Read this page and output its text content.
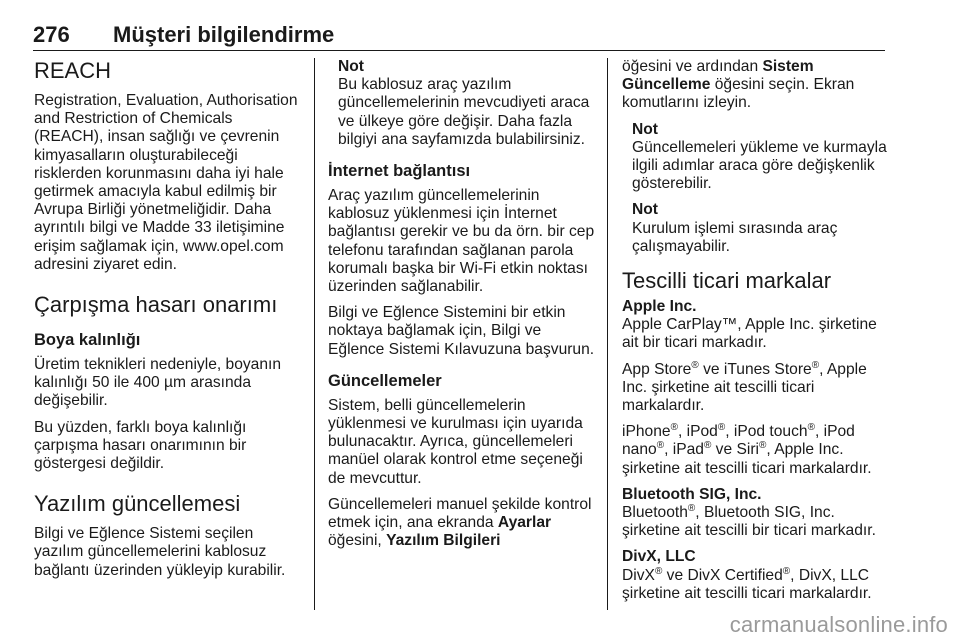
276 Müşteri bilgilendirme
REACH

Registration, Evaluation, Authorisation and Restriction of Chemicals (REACH), insan sağlığı ve çevrenin kimyasalların oluşturabileceği risklerden korunmasını daha iyi hale getirmek amacıyla kabul edilmiş bir Avrupa Birliği yönetmeliğidir. Daha ayrıntılı bilgi ve Madde 33 iletişimine erişim sağlamak için, www.opel.com adresini ziyaret edin.

Çarpışma hasarı onarımı
Boya kalınlığı

Üretim teknikleri nedeniyle, boyanın kalınlığı 50 ile 400 µm arasında değişebilir.

Bu yüzden, farklı boya kalınlığı çarpışma hasarı onarımının bir göstergesi değildir.

Yazılım güncellemesi

Bilgi ve Eğlence Sistemi seçilen yazılım güncellemelerini kablosuz bağlantı üzerinden yükleyip kurabilir.

Not
Bu kablosuz araç yazılım güncellemelerinin mevcudiyeti araca ve ülkeye göre değişir. Daha fazla bilgiyi ana sayfamızda bulabilirsiniz.
İnternet bağlantısı

Araç yazılım güncellemelerinin kablosuz yüklenmesi için İnternet bağlantısı gerekir ve bu da örn. bir cep telefonu tarafından sağlanan parola korumalı başka bir Wi-Fi etkin noktası üzerinden sağlanabilir.

Bilgi ve Eğlence Sistemini bir etkin noktaya bağlamak için, Bilgi ve Eğlence Sistemi Kılavuzuna başvurun.

Güncellemeler

Sistem, belli güncellemelerin yüklenmesi ve kurulması için uyarıda bulunacaktır. Ayrıca, güncellemeleri manüel olarak kontrol etme seçeneği de mevcuttur.

Güncellemeleri manuel şekilde kontrol etmek için, ana ekranda Ayarlar öğesini, Yazılım Bilgileri

öğesini ve ardından Sistem Güncelleme öğesini seçin. Ekran komutlarını izleyin.

Not
Güncellemeleri yükleme ve kurmayla ilgili adımlar araca göre değişkenlik gösterebilir.
Not
Kurulum işlemi sırasında araç çalışmayabilir.
Tescilli ticari markalar
Apple Inc.

Apple CarPlay™, Apple Inc. şirketine ait bir ticari markadır.

App Store® ve iTunes Store®, Apple Inc. şirketine ait tescilli ticari markalardır.

iPhone®, iPod®, iPod touch®, iPod nano®, iPad® ve Siri®, Apple Inc. şirketine ait tescilli ticari markalardır.

Bluetooth SIG, Inc.

Bluetooth®, Bluetooth SIG, Inc. şirketine ait tescilli bir ticari markadır.

DivX, LLC

DivX® ve DivX Certified®, DivX, LLC şirketine ait tescilli ticari markalardır.

carmanualsonline.info
